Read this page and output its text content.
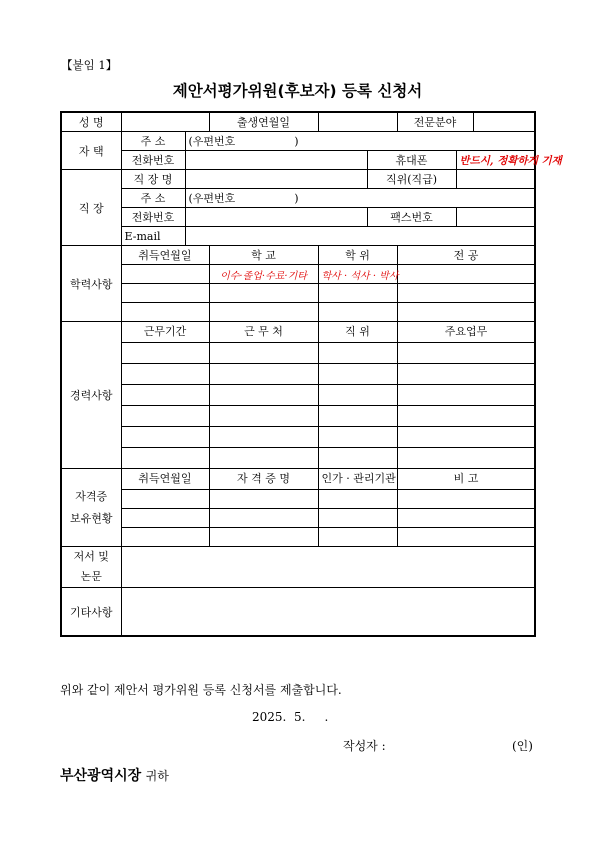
【붙임 1】
제안서평가위원(후보자) 등록 신청서
성 명			출생연월일			전문분야		
자 택	주 소	(우편번호 )						
	전화번호				휴대폰		반드시, 정확하게 기재	
직 장	직 장 명				직위(직급)			
	주 소	(우편번호 )						
	전화번호				팩스번호			
	E-mail							
학력사항	취득연월일		학 교	학 위		전 공		
			이수·졸업·수료·기타	학사 · 석사 · 박사				

경력사항	근무기간		근 무 처	직 위		주요업무		

자격증
보유현황	취득연월일		자 격 증 명	인가 · 관리기관		비 고		

저서 및
논문								

기타사항								
위와 같이 제안서 평가위원 등록 신청서를 제출합니다.
2025.  5.     .
작성자 :	(인)
부산광역시장 귀하
